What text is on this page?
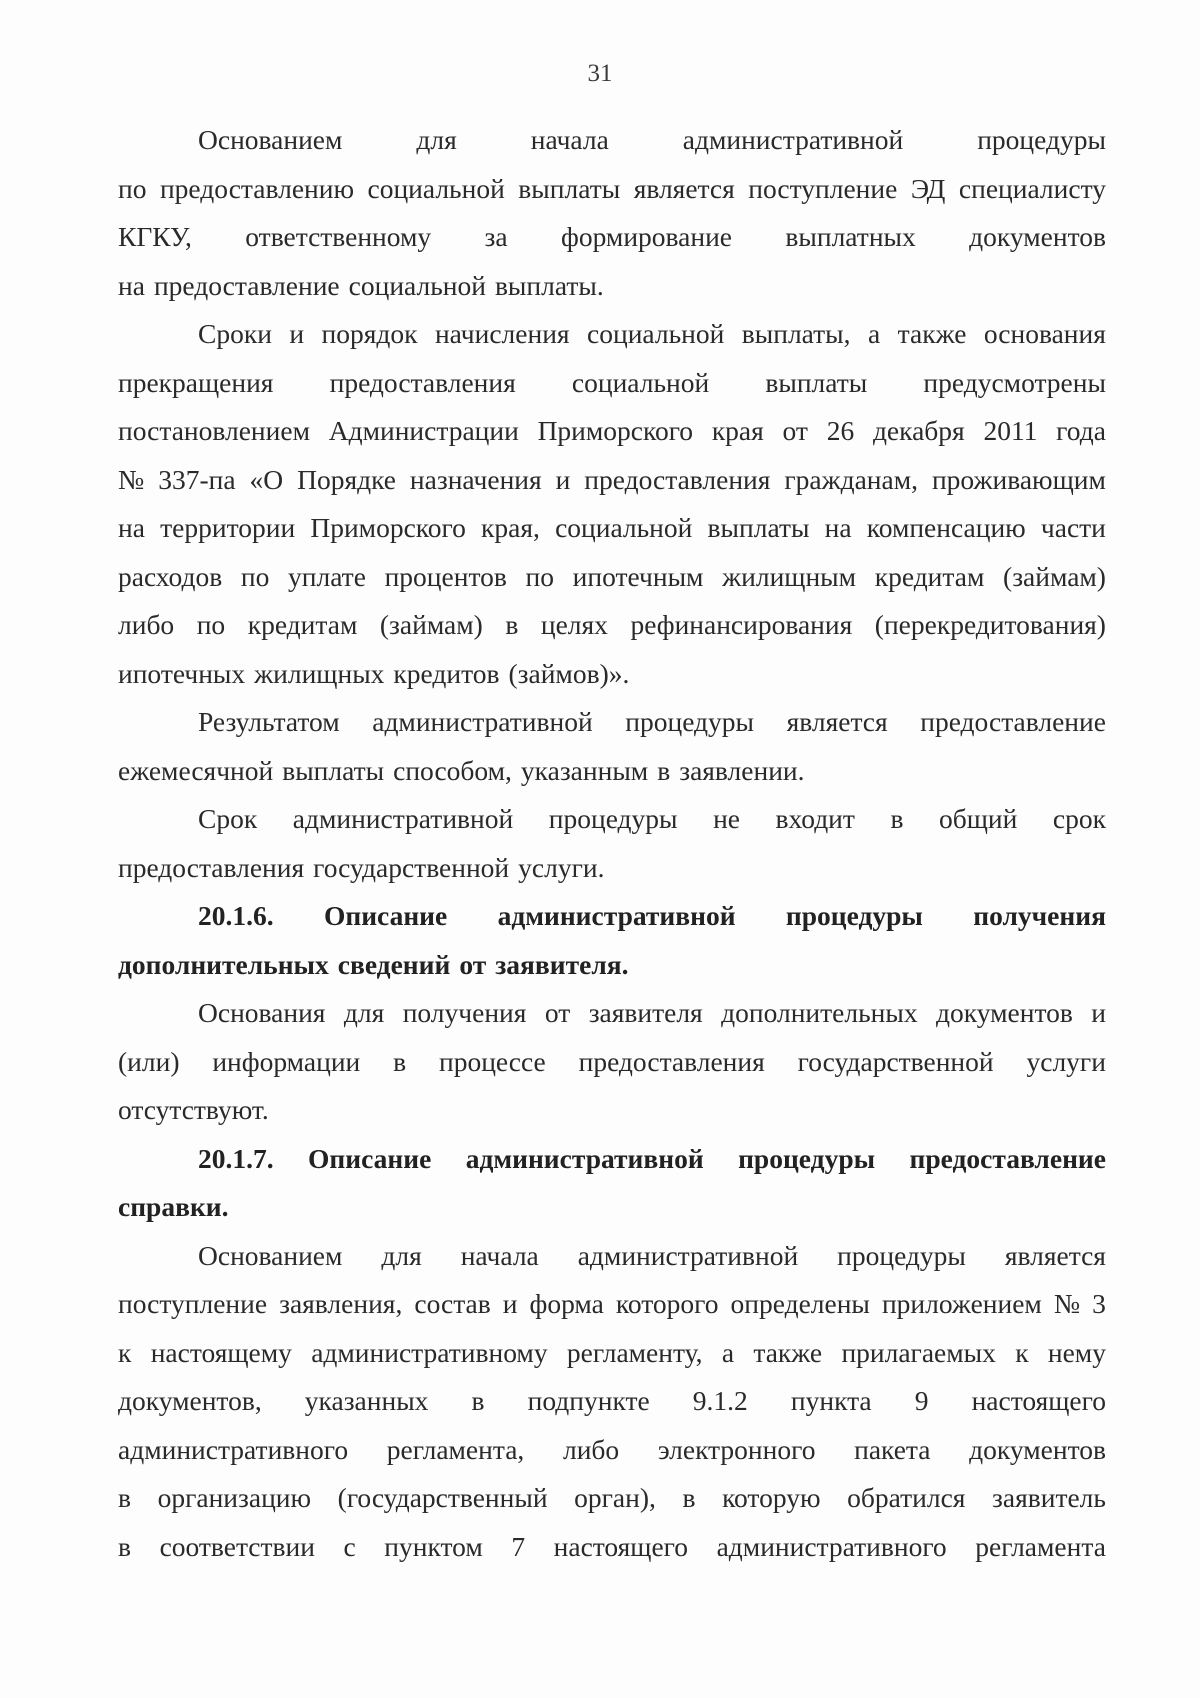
31
Основанием	для	начала	административной	процедуры
по предоставлению социальной выплаты является поступление ЭД специалисту
КГКУ, ответственному за формирование выплатных документов
на предоставление социальной выплаты.
Сроки и порядок начисления социальной выплаты, а также основания
прекращения предоставления социальной выплаты предусмотрены
постановлением Администрации Приморского края от 26 декабря 2011 года
№ 337-па «О Порядке назначения и предоставления гражданам, проживающим
на территории Приморского края, социальной выплаты на компенсацию части
расходов по уплате процентов по ипотечным жилищным кредитам (займам)
либо по кредитам (займам) в целях рефинансирования (перекредитования)
ипотечных жилищных кредитов (займов)».
Результатом административной процедуры является предоставление
ежемесячной выплаты способом, указанным в заявлении.
Срок административной процедуры не входит в общий срок
предоставления государственной услуги.
20.1.6. Описание административной процедуры получения
дополнительных сведений от заявителя.
Основания для получения от заявителя дополнительных документов и
(или) информации в процессе предоставления государственной услуги
отсутствуют.
20.1.7. Описание административной процедуры предоставление
справки.
Основанием для начала административной процедуры является
поступление заявления, состав и форма которого определены приложением № 3
к настоящему административному регламенту, а также прилагаемых к нему
документов, указанных в подпункте 9.1.2 пункта 9 настоящего
административного регламента, либо электронного пакета документов
в организацию (государственный орган), в которую обратился заявитель
в соответствии с пунктом 7 настоящего административного регламента
